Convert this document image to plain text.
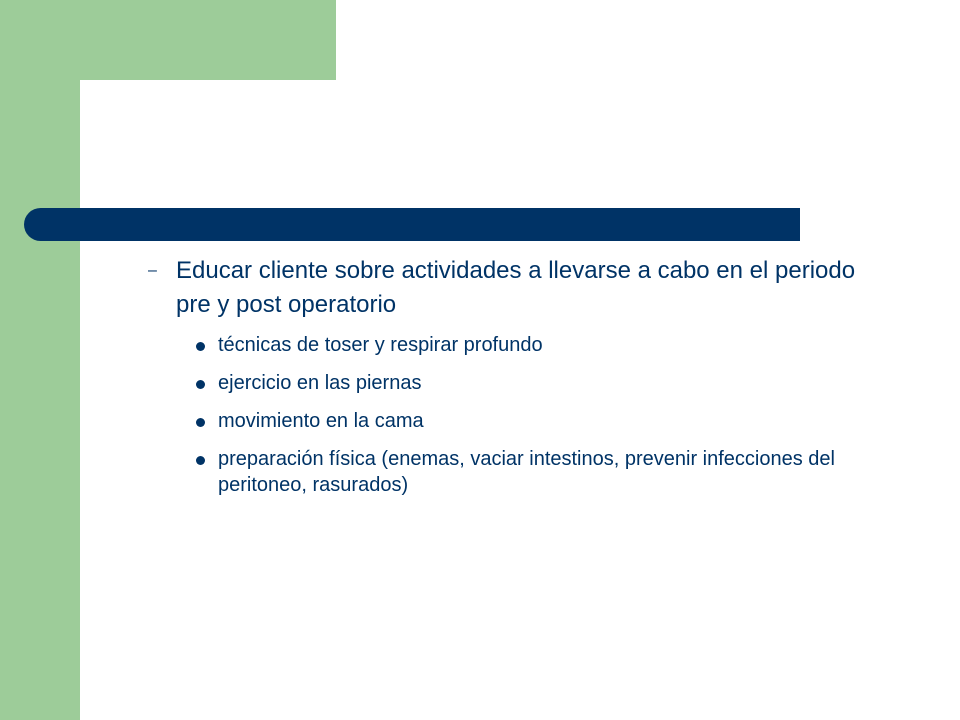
– Educar cliente sobre actividades a llevarse a cabo en el periodo pre y post operatorio
técnicas de toser y respirar profundo
ejercicio en las piernas
movimiento en la cama
preparación física (enemas, vaciar intestinos, prevenir infecciones del peritoneo, rasurados)
